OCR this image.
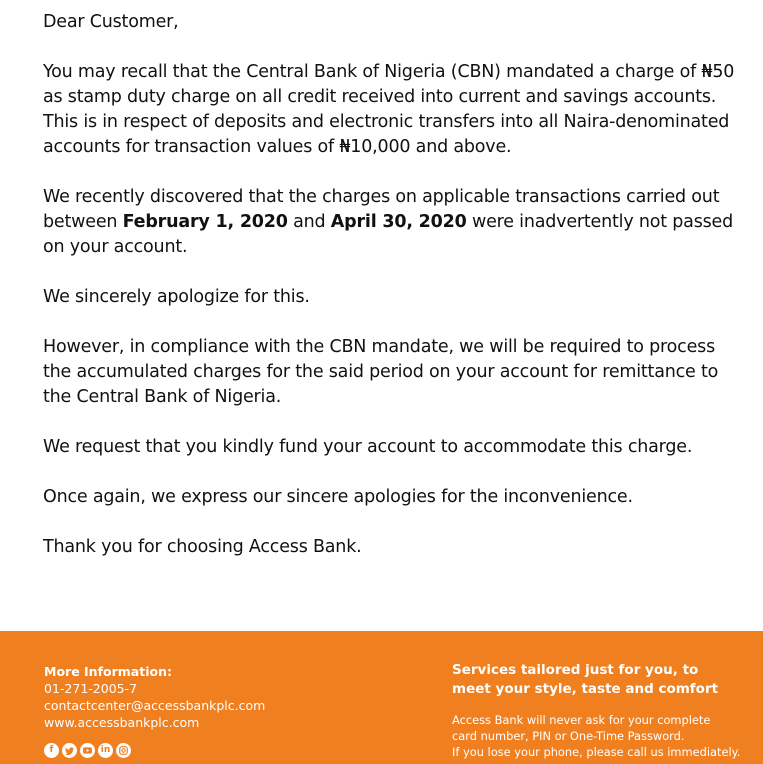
Dear Customer,

You may recall that the Central Bank of Nigeria (CBN) mandated a charge of ₦50 as stamp duty charge on all credit received into current and savings accounts. This is in respect of deposits and electronic transfers into all Naira-denominated accounts for transaction values of ₦10,000 and above.

We recently discovered that the charges on applicable transactions carried out between February 1, 2020 and April 30, 2020 were inadvertently not passed on your account.

We sincerely apologize for this.

However, in compliance with the CBN mandate, we will be required to process the accumulated charges for the said period on your account for remittance to the Central Bank of Nigeria.

We request that you kindly fund your account to accommodate this charge.

Once again, we express our sincere apologies for the inconvenience.

Thank you for choosing Access Bank.

More Information:
01-271-2005-7
contactcenter@accessbankplc.com
www.accessbankplc.com
f	in
Services tailored just for you, to meet your style, taste and comfort
Access Bank will never ask for your complete
card number, PIN or One-Time Password.
If you lose your phone, please call us immediately.
